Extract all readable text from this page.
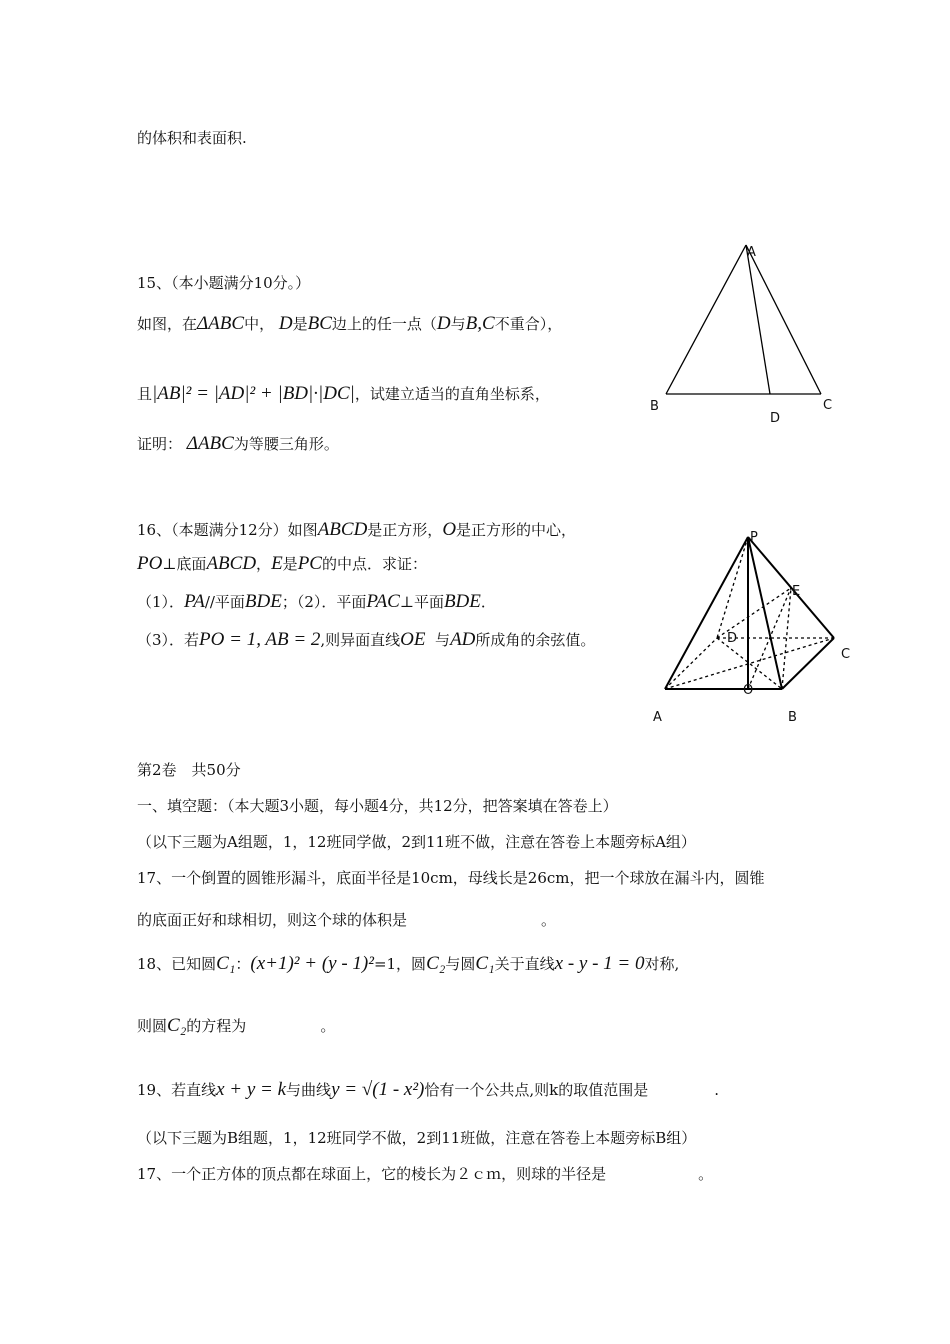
的体积和表面积.
15、（本小题满分10分。）
如图，在ΔABC中， D是BC边上的任一点（D与B,C不重合），
且|AB|² = |AD|² + |BD|·|DC|，试建立适当的直角坐标系，
证明： ΔABC为等腰三角形。
A
B	C
D
16、（本题满分12分）如图ABCD是正方形，O是正方形的中心，
PO⊥底面ABCD，E是PC的中点．求证：
（1）．PA//平面BDE；（2）．平面PAC⊥平面BDE．
（3）．若PO = 1, AB = 2,则异面直线OE 与AD所成角的余弦值。
P
E
D
C
O
A	B
第2卷　共50分
一、填空题：（本大题3小题，每小题4分，共12分，把答案填在答卷上）
（以下三题为A组题，1，12班同学做，2到11班不做，注意在答卷上本题旁标A组）
17、一个倒置的圆锥形漏斗，底面半径是10cm，母线长是26cm，把一个球放在漏斗内，圆锥
的底面正好和球相切，则这个球的体积是	。
18、已知圆C₁：(x+1)² + (y - 1)²=1，圆C₂与圆C₁关于直线x - y - 1 = 0对称,
则圆C₂的方程为	。
19、若直线x + y = k与曲线y = √(1 - x²)恰有一个公共点,则k的取值范围是	.
（以下三题为B组题，1，12班同学不做，2到11班做，注意在答卷上本题旁标B组）
17、一个正方体的顶点都在球面上，它的棱长为２ｃｍ，则球的半径是	。
